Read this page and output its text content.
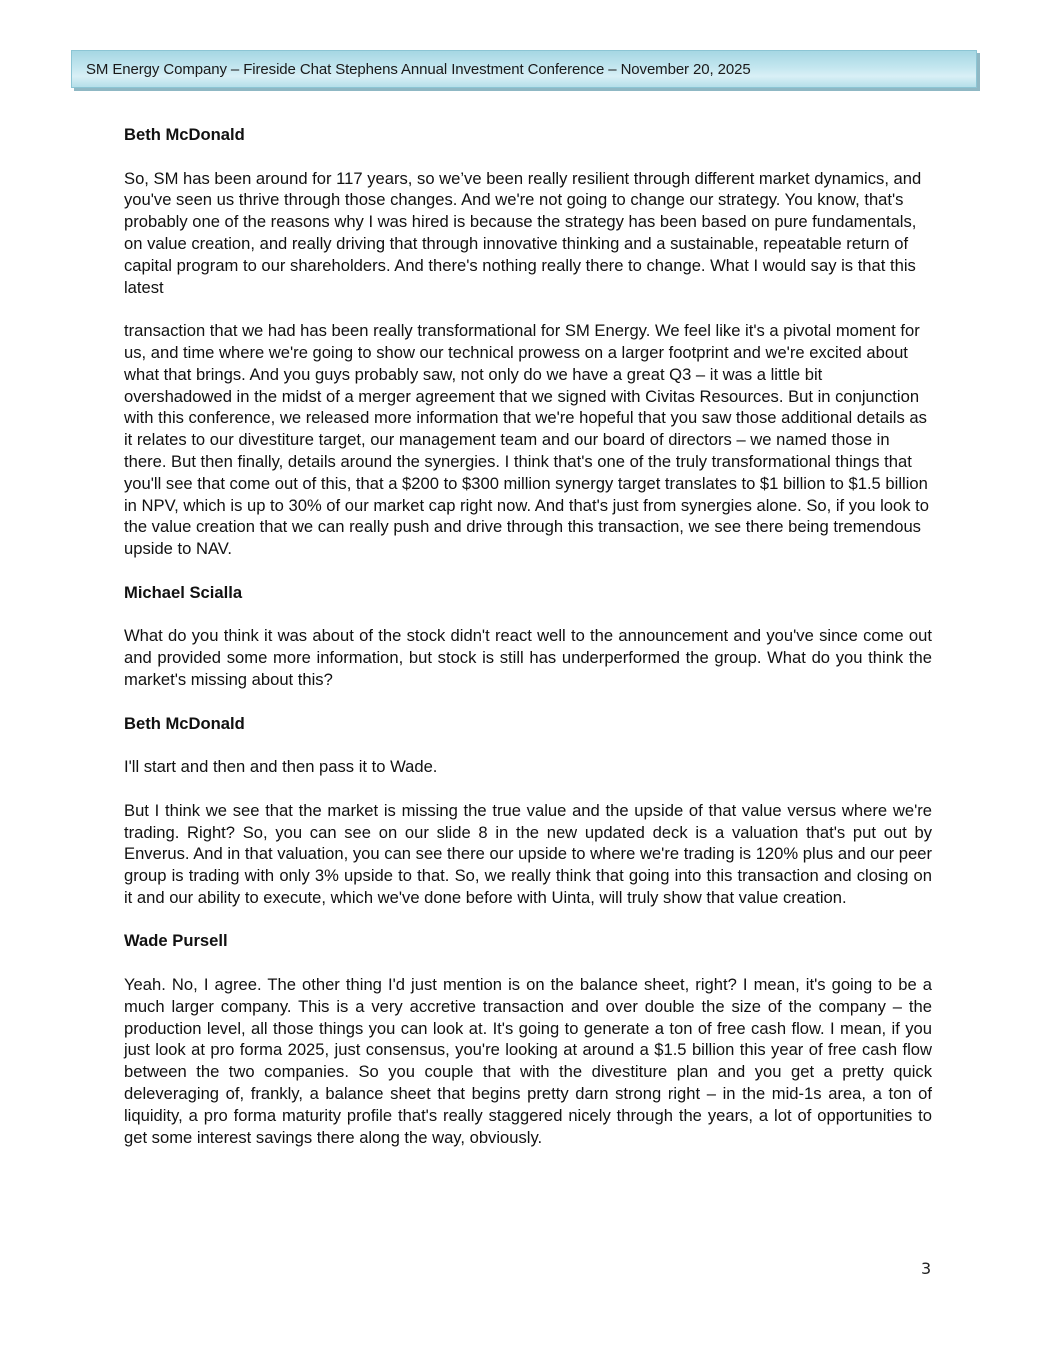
SM Energy Company – Fireside Chat Stephens Annual Investment Conference – November 20, 2025
Beth McDonald

So, SM has been around for 117 years, so we’ve been really resilient through different market dynamics, and you've seen us thrive through those changes. And we're not going to change our strategy. You know, that's probably one of the reasons why I was hired is because the strategy has been based on pure fundamentals, on value creation, and really driving that through innovative thinking and a sustainable, repeatable return of capital program to our shareholders. And there's nothing really there to change. What I would say is that this latest

transaction that we had has been really transformational for SM Energy. We feel like it's a pivotal moment for us, and time where we're going to show our technical prowess on a larger footprint and we're excited about what that brings. And you guys probably saw, not only do we have a great Q3 – it was a little bit overshadowed in the midst of a merger agreement that we signed with Civitas Resources. But in conjunction with this conference, we released more information that we're hopeful that you saw those additional details as it relates to our divestiture target, our management team and our board of directors – we named those in there. But then finally, details around the synergies. I think that's one of the truly transformational things that you'll see that come out of this, that a $200 to $300 million synergy target translates to $1 billion to $1.5 billion in NPV, which is up to 30% of our market cap right now. And that's just from synergies alone. So, if you look to the value creation that we can really push and drive through this transaction, we see there being tremendous upside to NAV.

Michael Scialla

What do you think it was about of the stock didn't react well to the announcement and you've since come out and provided some more information, but stock is still has underperformed the group. What do you think the market's missing about this?

Beth McDonald

I'll start and then and then pass it to Wade.

But I think we see that the market is missing the true value and the upside of that value versus where we're trading. Right? So, you can see on our slide 8 in the new updated deck is a valuation that's put out by Enverus. And in that valuation, you can see there our upside to where we're trading is 120% plus and our peer group is trading with only 3% upside to that. So, we really think that going into this transaction and closing on it and our ability to execute, which we've done before with Uinta, will truly show that value creation.

Wade Pursell

Yeah. No, I agree. The other thing I'd just mention is on the balance sheet, right? I mean, it's going to be a much larger company. This is a very accretive transaction and over double the size of the company – the production level, all those things you can look at. It's going to generate a ton of free cash flow. I mean, if you just look at pro forma 2025, just consensus, you're looking at around a $1.5 billion this year of free cash flow between the two companies. So you couple that with the divestiture plan and you get a pretty quick deleveraging of, frankly, a balance sheet that begins pretty darn strong right – in the mid-1s area, a ton of liquidity, a pro forma maturity profile that's really staggered nicely through the years, a lot of opportunities to get some interest savings there along the way, obviously.

3
